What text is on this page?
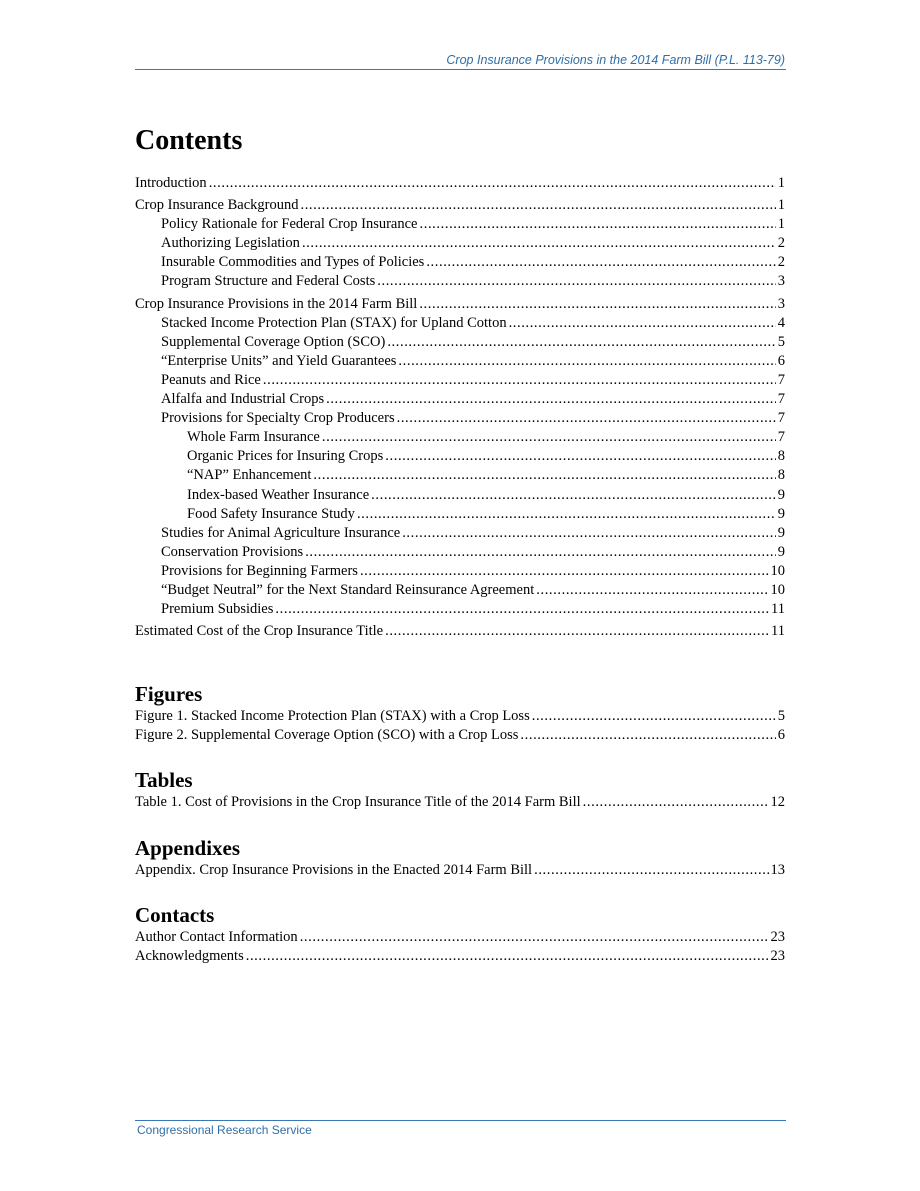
Crop Insurance Provisions in the 2014 Farm Bill (P.L. 113-79)
Contents
Introduction .....	1
Crop Insurance Background .....	1
Policy Rationale for Federal Crop Insurance .....	1
Authorizing Legislation .....	2
Insurable Commodities and Types of Policies .....	2
Program Structure and Federal Costs .....	3
Crop Insurance Provisions in the 2014 Farm Bill .....	3
Stacked Income Protection Plan (STAX) for Upland Cotton .....	4
Supplemental Coverage Option (SCO) .....	5
“Enterprise Units” and Yield Guarantees .....	6
Peanuts and Rice .....	7
Alfalfa and Industrial Crops .....	7
Provisions for Specialty Crop Producers .....	7
Whole Farm Insurance .....	7
Organic Prices for Insuring Crops .....	8
“NAP” Enhancement .....	8
Index-based Weather Insurance .....	9
Food Safety Insurance Study .....	9
Studies for Animal Agriculture Insurance .....	9
Conservation Provisions .....	9
Provisions for Beginning Farmers .....	10
“Budget Neutral” for the Next Standard Reinsurance Agreement .....	10
Premium Subsidies .....	11
Estimated Cost of the Crop Insurance Title .....	11
Figures
Figure 1. Stacked Income Protection Plan (STAX) with a Crop Loss .....	5
Figure 2. Supplemental Coverage Option (SCO) with a Crop Loss .....	6
Tables
Table 1. Cost of Provisions in the Crop Insurance Title of the 2014 Farm Bill .....	12
Appendixes
Appendix. Crop Insurance Provisions in the Enacted 2014 Farm Bill .....	13
Contacts
Author Contact Information .....	23
Acknowledgments .....	23
Congressional Research Service
